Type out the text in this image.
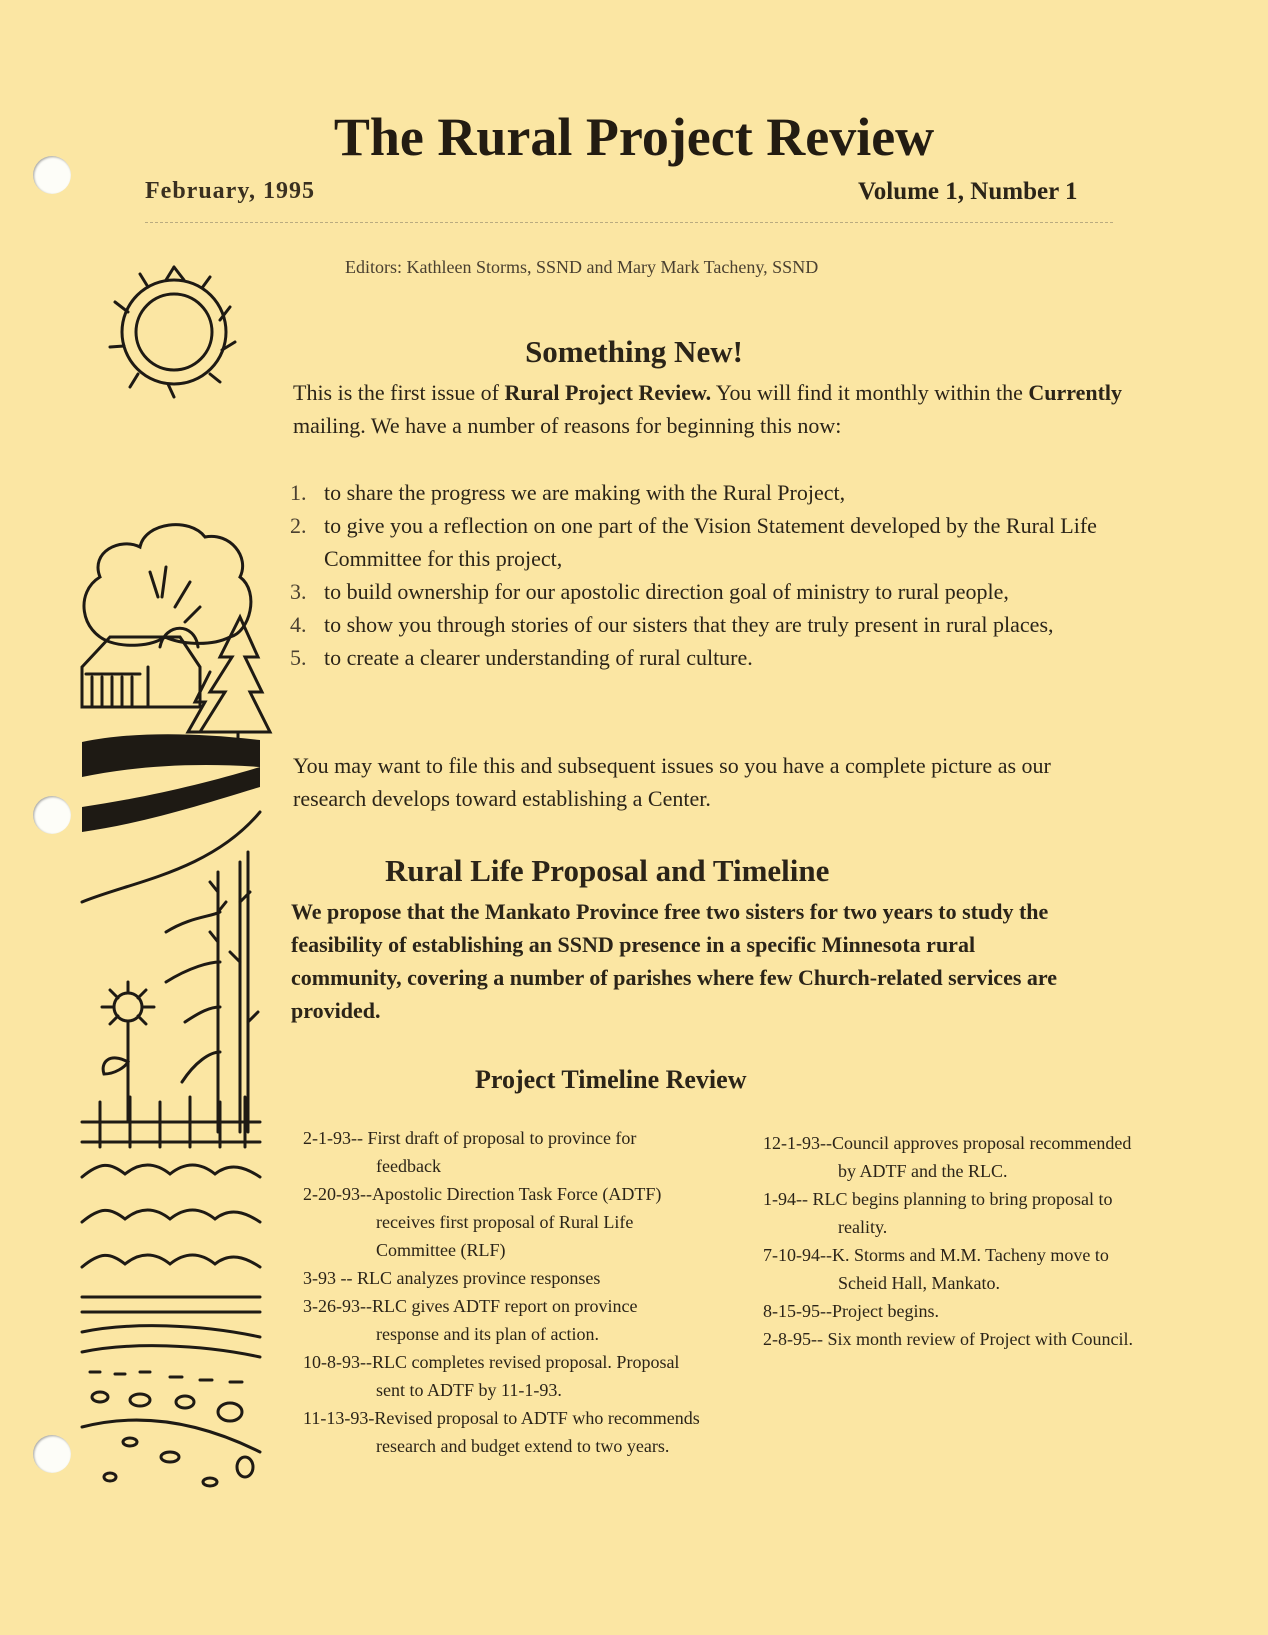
The Rural Project Review
February, 1995	Volume 1, Number 1
Editors: Kathleen Storms, SSND and Mary Mark Tacheny, SSND
Something New!
This is the first issue of Rural Project Review. You will find it monthly within the Currently mailing. We have a number of reasons for beginning this now:
1. to share the progress we are making with the Rural Project,
2. to give you a reflection on one part of the Vision Statement developed by the Rural Life Committee for this project,
3. to build ownership for our apostolic direction goal of ministry to rural people,
4. to show you through stories of our sisters that they are truly present in rural places,
5. to create a clearer understanding of rural culture.
You may want to file this and subsequent issues so you have a complete picture as our research develops toward establishing a Center.
Rural Life Proposal and Timeline
We propose that the Mankato Province free two sisters for two years to study the feasibility of establishing an SSND presence in a specific Minnesota rural community, covering a number of parishes where few Church-related services are provided.
Project Timeline Review
2-1-93-- First draft of proposal to province for feedback
2-20-93--Apostolic Direction Task Force (ADTF) receives first proposal of Rural Life Committee (RLF)
3-93 -- RLC analyzes province responses
3-26-93--RLC gives ADTF report on province response and its plan of action.
10-8-93--RLC completes revised proposal. Proposal sent to ADTF by 11-1-93.
11-13-93-Revised proposal to ADTF who recommends research and budget extend to two years.
12-1-93--Council approves proposal recommended by ADTF and the RLC.
1-94-- RLC begins planning to bring proposal to reality.
7-10-94--K. Storms and M.M. Tacheny move to Scheid Hall, Mankato.
8-15-95--Project begins.
2-8-95-- Six month review of Project with Council.
